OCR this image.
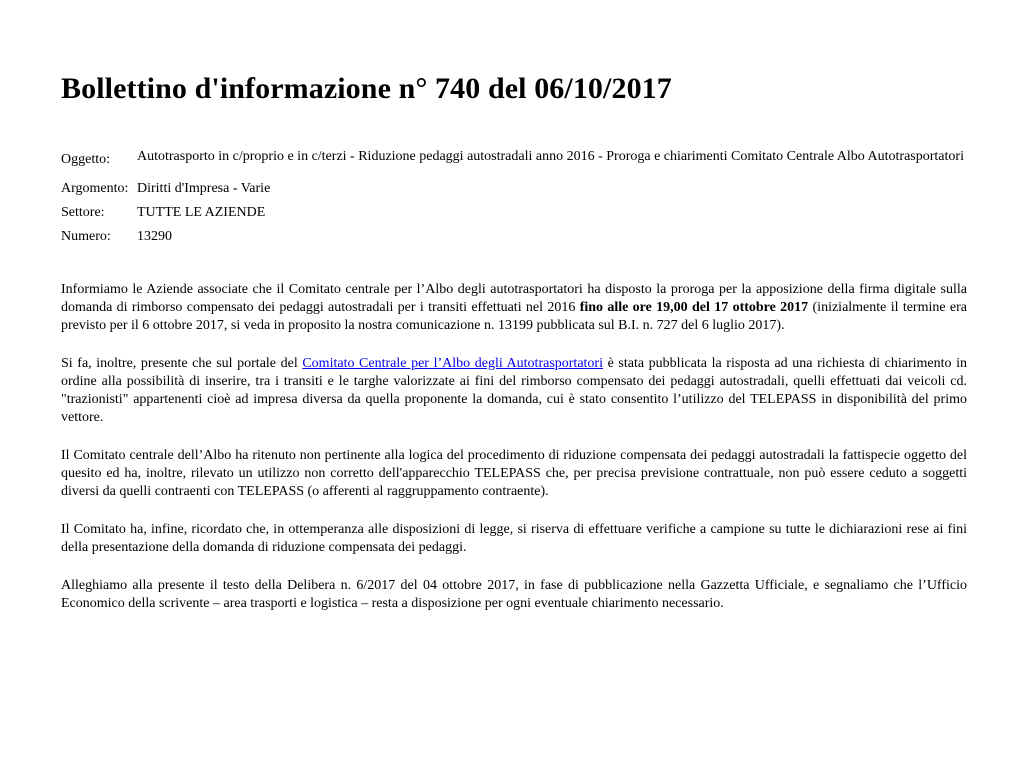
Bollettino d'informazione n° 740 del 06/10/2017
Oggetto:	Autotrasporto in c/proprio e in c/terzi - Riduzione pedaggi autostradali anno 2016 - Proroga e chiarimenti Comitato Centrale Albo Autotrasportatori
Argomento: Diritti d'Impresa - Varie
Settore:	TUTTE LE AZIENDE
Numero:	13290

Informiamo le Aziende associate che il Comitato centrale per l’Albo degli autotrasportatori ha disposto la proroga per la apposizione della firma digitale sulla domanda di rimborso compensato dei pedaggi autostradali per i transiti effettuati nel 2016 fino alle ore 19,00 del 17 ottobre 2017 (inizialmente il termine era previsto per il 6 ottobre 2017, si veda in proposito la nostra comunicazione n. 13199 pubblicata sul B.I. n. 727 del 6 luglio 2017).

Si fa, inoltre, presente che sul portale del Comitato Centrale per l’Albo degli Autotrasportatori è stata pubblicata la risposta ad una richiesta di chiarimento in ordine alla possibilità di inserire, tra i transiti e le targhe valorizzate ai fini del rimborso compensato dei pedaggi autostradali, quelli effettuati dai veicoli cd. "trazionisti" appartenenti cioè ad impresa diversa da quella proponente la domanda, cui è stato consentito l’utilizzo del TELEPASS in disponibilità del primo vettore.

Il Comitato centrale dell’Albo ha ritenuto non pertinente alla logica del procedimento di riduzione compensata dei pedaggi autostradali la fattispecie oggetto del quesito ed ha, inoltre, rilevato un utilizzo non corretto dell'apparecchio TELEPASS che, per precisa previsione contrattuale, non può essere ceduto a soggetti diversi da quelli contraenti con TELEPASS (o afferenti al raggruppamento contraente).

Il Comitato ha, infine, ricordato che, in ottemperanza alle disposizioni di legge, si riserva di effettuare verifiche a campione su tutte le dichiarazioni rese ai fini della presentazione della domanda di riduzione compensata dei pedaggi.

Alleghiamo alla presente il testo della Delibera n. 6/2017 del 04 ottobre 2017, in fase di pubblicazione nella Gazzetta Ufficiale, e segnaliamo che l’Ufficio Economico della scrivente – area trasporti e logistica – resta a disposizione per ogni eventuale chiarimento necessario.
